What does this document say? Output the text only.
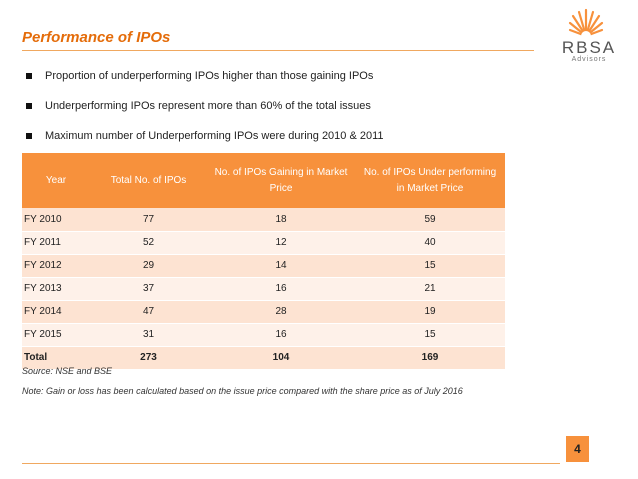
Performance of IPOs
RBSA
Advisors
Proportion of underperforming IPOs higher than those gaining IPOs
Underperforming IPOs represent more than 60% of the total issues
Maximum number of Underperforming IPOs were during 2010 & 2011
Year	Total No. of IPOs	No. of IPOs Gaining in Market Price	No. of IPOs Under performing in Market Price
FY 2010	77	18	59
FY 2011	52	12	40
FY 2012	29	14	15
FY 2013	37	16	21
FY 2014	47	28	19
FY 2015	31	16	15
Total	273	104	169
Source: NSE and BSE
Note: Gain or loss has been calculated based on the issue price compared with the share price as of July 2016
4
